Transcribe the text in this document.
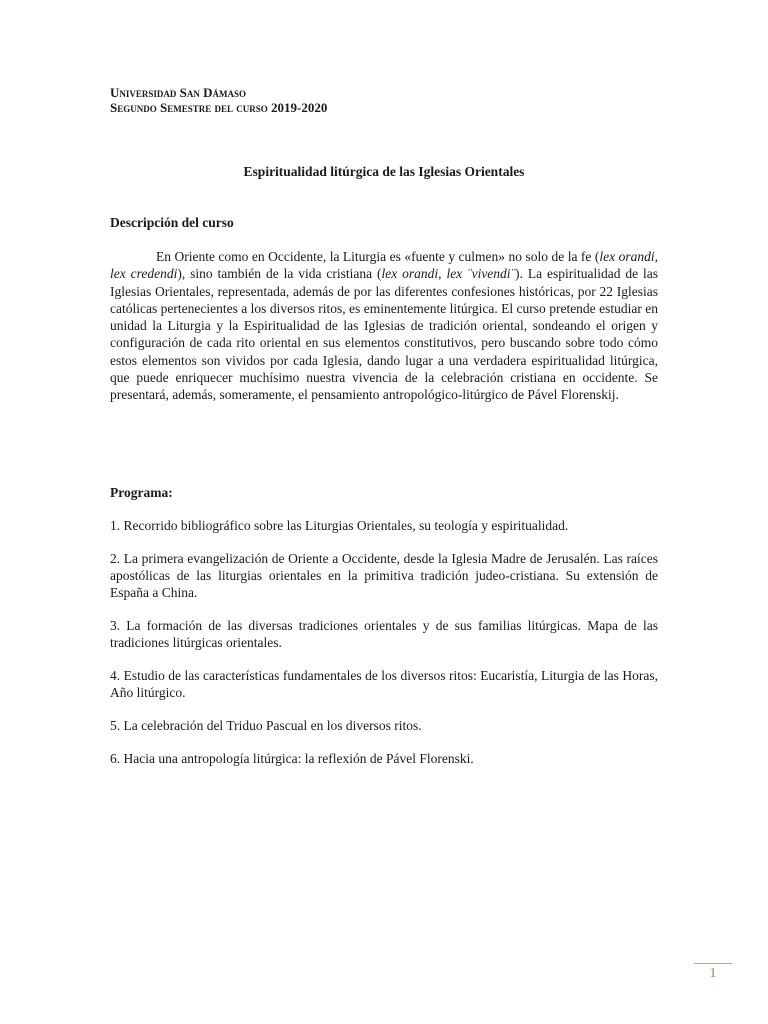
Universidad San Dámaso
Segundo Semestre del curso 2019-2020
Espiritualidad litúrgica de las Iglesias Orientales
Descripción del curso

En Oriente como en Occidente, la Liturgia es «fuente y culmen» no solo de la fe (lex orandi, lex credendi), sino también de la vida cristiana (lex orandi, lex ¨vivendi¨). La espiritualidad de las Iglesias Orientales, representada, además de por las diferentes confesiones históricas, por 22 Iglesias católicas pertenecientes a los diversos ritos, es eminentemente litúrgica. El curso pretende estudiar en unidad la Liturgia y la Espiritualidad de las Iglesias de tradición oriental, sondeando el origen y configuración de cada rito oriental en sus elementos constitutivos, pero buscando sobre todo cómo estos elementos son vividos por cada Iglesia, dando lugar a una verdadera espiritualidad litúrgica, que puede enriquecer muchísimo nuestra vivencia de la celebración cristiana en occidente. Se presentará, además, someramente, el pensamiento antropológico-litúrgico de Pável Florenskij.

Programa:
1. Recorrido bibliográfico sobre las Liturgias Orientales, su teología y espiritualidad.
2. La primera evangelización de Oriente a Occidente, desde la Iglesia Madre de Jerusalén. Las raíces apostólicas de las liturgias orientales en la primitiva tradición judeo-cristiana. Su extensión de España a China.
3. La formación de las diversas tradiciones orientales y de sus familias litúrgicas. Mapa de las tradiciones litúrgicas orientales.
4. Estudio de las características fundamentales de los diversos ritos: Eucaristía, Liturgia de las Horas, Año litúrgico.
5. La celebración del Triduo Pascual en los diversos ritos.
6. Hacia una antropología litúrgica: la reflexión de Pável Florenski.
1
